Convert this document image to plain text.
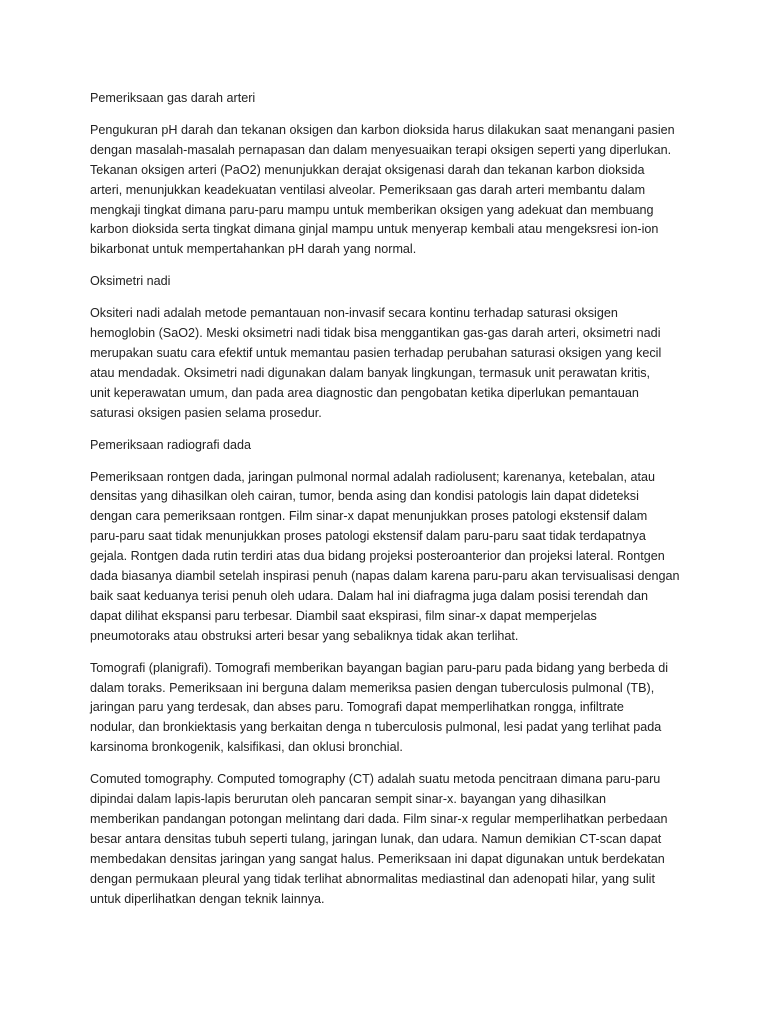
Pemeriksaan gas darah arteri

Pengukuran pH darah dan tekanan oksigen dan karbon dioksida harus dilakukan saat menangani pasien
dengan masalah-masalah pernapasan dan dalam menyesuaikan terapi oksigen seperti yang diperlukan.
Tekanan oksigen arteri (PaO2) menunjukkan derajat oksigenasi darah dan tekanan karbon dioksida
arteri, menunjukkan keadekuatan ventilasi alveolar. Pemeriksaan gas darah arteri membantu dalam
mengkaji tingkat dimana paru-paru mampu untuk memberikan oksigen yang adekuat dan membuang
karbon dioksida serta tingkat dimana ginjal mampu untuk menyerap kembali atau mengeksresi ion-ion
bikarbonat untuk mempertahankan pH darah yang normal.

Oksimetri nadi

Oksiteri nadi adalah metode pemantauan non-invasif secara kontinu terhadap saturasi oksigen
hemoglobin (SaO2). Meski oksimetri nadi tidak bisa menggantikan gas-gas darah arteri, oksimetri nadi
merupakan suatu cara efektif untuk memantau pasien terhadap perubahan saturasi oksigen yang kecil
atau mendadak. Oksimetri nadi digunakan dalam banyak lingkungan, termasuk unit perawatan kritis,
unit keperawatan umum, dan pada area diagnostic dan pengobatan ketika diperlukan pemantauan
saturasi oksigen pasien selama prosedur.

Pemeriksaan radiografi dada

Pemeriksaan rontgen dada, jaringan pulmonal normal adalah radiolusent; karenanya, ketebalan, atau
densitas yang dihasilkan oleh cairan, tumor, benda asing dan kondisi patologis lain dapat dideteksi
dengan cara pemeriksaan rontgen. Film sinar-x dapat menunjukkan proses patologi ekstensif dalam
paru-paru saat tidak menunjukkan proses patologi ekstensif dalam paru-paru saat tidak terdapatnya
gejala. Rontgen dada rutin terdiri atas dua bidang projeksi posteroanterior dan projeksi lateral. Rontgen
dada biasanya diambil setelah inspirasi penuh (napas dalam karena paru-paru akan tervisualisasi dengan
baik saat keduanya terisi penuh oleh udara. Dalam hal ini diafragma juga dalam posisi terendah dan
dapat dilihat ekspansi paru terbesar. Diambil saat ekspirasi, film sinar-x dapat memperjelas
pneumotoraks atau obstruksi arteri besar yang sebaliknya tidak akan terlihat.

Tomografi (planigrafi). Tomografi memberikan bayangan bagian paru-paru pada bidang yang berbeda di
dalam toraks. Pemeriksaan ini berguna dalam memeriksa pasien dengan tuberculosis pulmonal (TB),
jaringan paru yang terdesak, dan abses paru. Tomografi dapat memperlihatkan rongga, infiltrate
nodular, dan bronkiektasis yang berkaitan denga n tuberculosis pulmonal, lesi padat yang terlihat pada
karsinoma bronkogenik, kalsifikasi, dan oklusi bronchial.

Comuted tomography. Computed tomography (CT) adalah suatu metoda pencitraan dimana paru-paru
dipindai dalam lapis-lapis berurutan oleh pancaran sempit sinar-x. bayangan yang dihasilkan
memberikan pandangan potongan melintang dari dada. Film sinar-x regular memperlihatkan perbedaan
besar antara densitas tubuh seperti tulang, jaringan lunak, dan udara. Namun demikian CT-scan dapat
membedakan densitas jaringan yang sangat halus. Pemeriksaan ini dapat digunakan untuk berdekatan
dengan permukaan pleural yang tidak terlihat abnormalitas mediastinal dan adenopati hilar, yang sulit
untuk diperlihatkan dengan teknik lainnya.
